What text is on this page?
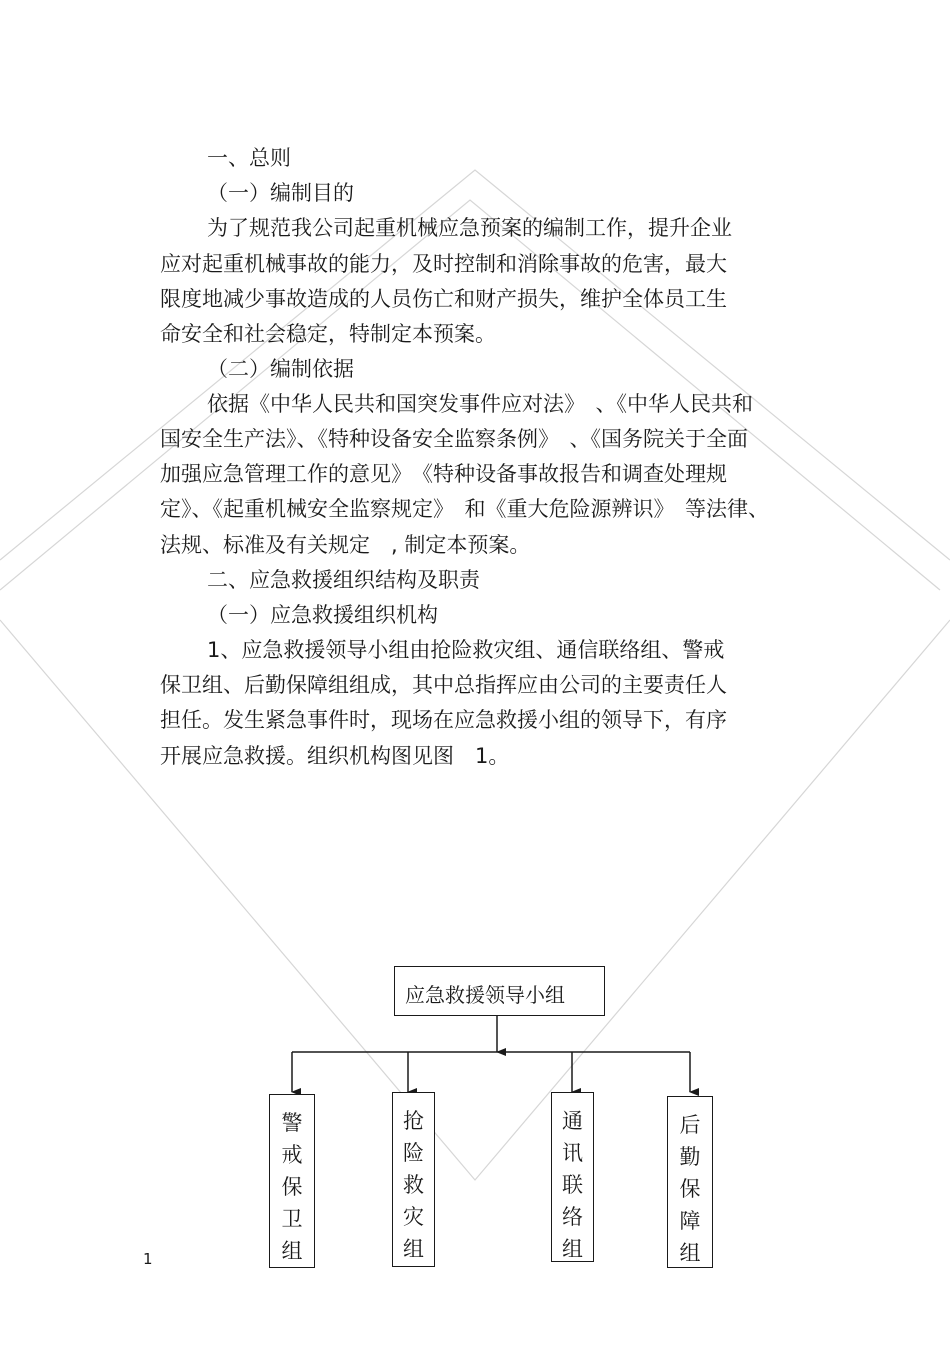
一、总则
（一）编制目的
为了规范我公司起重机械应急预案的编制工作，提升企业
应对起重机械事故的能力，及时控制和消除事故的危害，最大
限度地减少事故造成的人员伤亡和财产损失，维护全体员工生
命安全和社会稳定，特制定本预案。
（二）编制依据
依据《中华人民共和国突发事件应对法》　、《中华人民共和
国安全生产法》、《特种设备安全监察条例》　、《国务院关于全面
加强应急管理工作的意见》　《特种设备事故报告和调查处理规
定》、《起重机械安全监察规定》　和《重大危险源辨识》　等法律、
法规、标准及有关规定　, 制定本预案。
二、应急救援组织结构及职责
（一）应急救援组织机构
1、应急救援领导小组由抢险救灾组、通信联络组、警戒
保卫组、后勤保障组组成，其中总指挥应由公司的主要责任人
担任。发生紧急事件时，现场在应急救援小组的领导下，有序
开展应急救援。组织机构图见图　1。
应急救援领导小组
警
戒
保
卫
组
抢
险
救
灾
组
通
讯
联
络
组
后
勤
保
障
组
1
